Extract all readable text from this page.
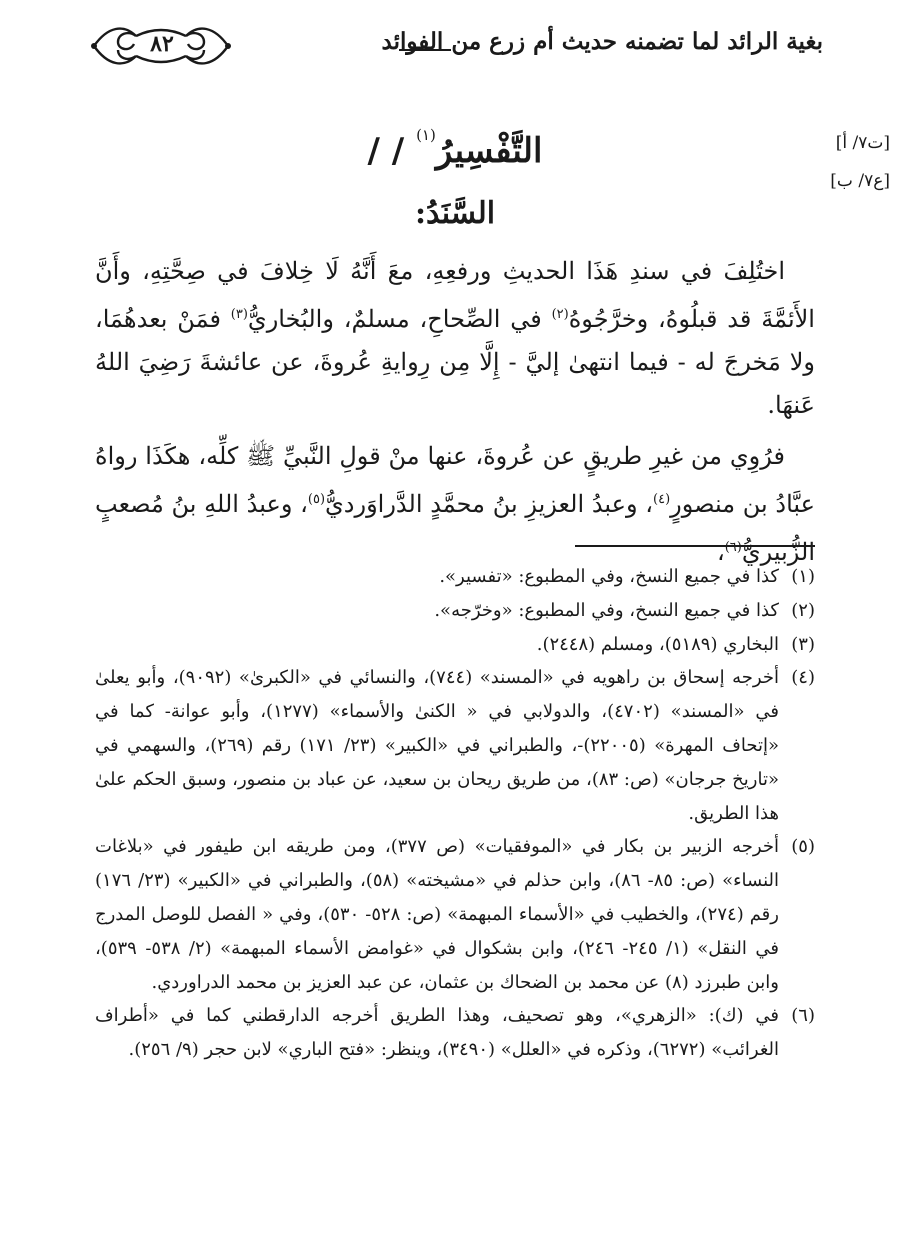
بغية الرائد لما تضمنه حديث أم زرع من الفوائد
٨٢
[ت٧/ أ]
[ع٧/ ب]
التَّفْسِيرُ$^{(١)}$ / /
السَّنَدُ:

اختُلِفَ في سندِ هَذَا الحديثِ ورفعِهِ، معَ أَنَّهُ لَا خِلافَ في صِحَّتِهِ، وأَنَّ الأَئمَّةَ قد قبلُوهُ، وخرَّجُوهُ$^{(٢)}$ في الصِّحاحِ، مسلمٌ، والبُخاريُّ$^{(٣)}$ فمَنْ بعدهُمَا، ولا مَخرجَ له - فيما انتهىٰ إليَّ - إِلَّا مِن رِوايةِ عُروةَ، عن عائشةَ رَضِيَ اللهُ عَنهَا.

فرُوِي من غيرِ طريقٍ عن عُروةَ، عنها منْ قولِ النَّبيِّ ﷺ كلِّه، هكَذَا رواهُ عبَّادُ بن منصورٍ$^{(٤)}$، وعبدُ العزيزِ بنُ محمَّدٍ الدَّراوَرديُّ$^{(٥)}$، وعبدُ اللهِ بنُ مُصعبٍ الزُّبيريُّ$^{(٦)}$،

(١)
كذا في جميع النسخ، وفي المطبوع: «تفسير».
(٢)
كذا في جميع النسخ، وفي المطبوع: «وخرّجه».
(٣)
البخاري (٥١٨٩)، ومسلم (٢٤٤٨).
(٤)
أخرجه إسحاق بن راهويه في «المسند» (٧٤٤)، والنسائي في «الكبرىٰ» (٩٠٩٢)، وأبو يعلىٰ في «المسند» (٤٧٠٢)، والدولابي في « الكنىٰ والأسماء» (١٢٧٧)، وأبو عوانة- كما في «إتحاف المهرة» (٢٢٠٠٥)-، والطبراني في «الكبير» (٢٣/ ١٧١) رقم (٢٦٩)، والسهمي في «تاريخ جرجان» (ص: ٨٣)، من طريق ريحان بن سعيد، عن عباد بن منصور، وسبق الحكم علىٰ هذا الطريق.
(٥)
أخرجه الزبير بن بكار في «الموفقيات» (ص ٣٧٧)، ومن طريقه ابن طيفور في «بلاغات النساء» (ص: ٨٥- ٨٦)، وابن حذلم في «مشيخته» (٥٨)، والطبراني في «الكبير» (٢٣/ ١٧٦) رقم (٢٧٤)، والخطيب في «الأسماء المبهمة» (ص: ٥٢٨- ٥٣٠)، وفي « الفصل للوصل المدرج في النقل» (١/ ٢٤٥- ٢٤٦)، وابن بشكوال في «غوامض الأسماء المبهمة» (٢/ ٥٣٨- ٥٣٩)، وابن طبرزد (٨) عن محمد بن الضحاك بن عثمان، عن عبد العزيز بن محمد الدراوردي.
(٦)
في (ك): «الزهري»، وهو تصحيف، وهذا الطريق أخرجه الدارقطني كما في «أطراف الغرائب» (٦٢٧٢)، وذكره في «العلل» (٣٤٩٠)، وينظر: «فتح الباري» لابن حجر (٩/ ٢٥٦).
